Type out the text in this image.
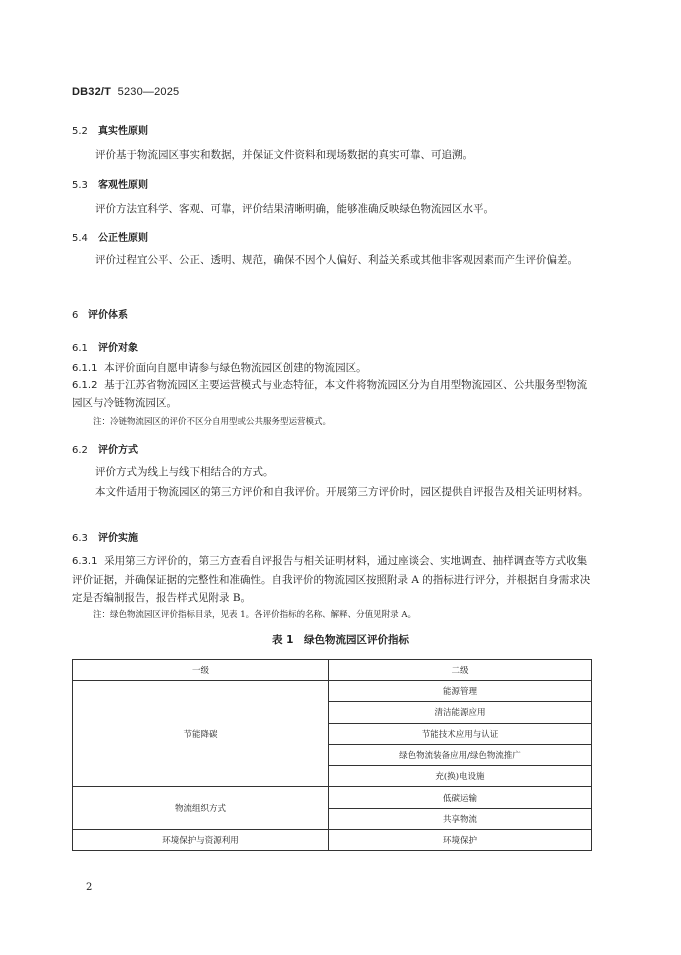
DB32/T 5230—2025
5.2 真实性原则
评价基于物流园区事实和数据，并保证文件资料和现场数据的真实可靠、可追溯。
5.3 客观性原则
评价方法宜科学、客观、可靠，评价结果清晰明确，能够准确反映绿色物流园区水平。
5.4 公正性原则
评价过程宜公平、公正、透明、规范，确保不因个人偏好、利益关系或其他非客观因素而产生评价偏差。
6 评价体系
6.1 评价对象
6.1.1 本评价面向自愿申请参与绿色物流园区创建的物流园区。
6.1.2 基于江苏省物流园区主要运营模式与业态特征，本文件将物流园区分为自用型物流园区、公共服务型物流园区与冷链物流园区。
注：冷链物流园区的评价不区分自用型或公共服务型运营模式。
6.2 评价方式
评价方式为线上与线下相结合的方式。
本文件适用于物流园区的第三方评价和自我评价。开展第三方评价时，园区提供自评报告及相关证明材料。
6.3 评价实施
6.3.1 采用第三方评价的，第三方查看自评报告与相关证明材料，通过座谈会、实地调查、抽样调查等方式收集评价证据，并确保证据的完整性和准确性。自我评价的物流园区按照附录 A 的指标进行评分，并根据自身需求决定是否编制报告，报告样式见附录 B。
注：绿色物流园区评价指标目录，见表 1。各评价指标的名称、解释、分值见附录 A。
表 1　绿色物流园区评价指标
一级	二级
节能降碳	能源管理
	清洁能源应用
	节能技术应用与认证
	绿色物流装备应用/绿色物流推广
	充(换)电设施
物流组织方式	低碳运输
	共享物流
环境保护与资源利用	环境保护
2
